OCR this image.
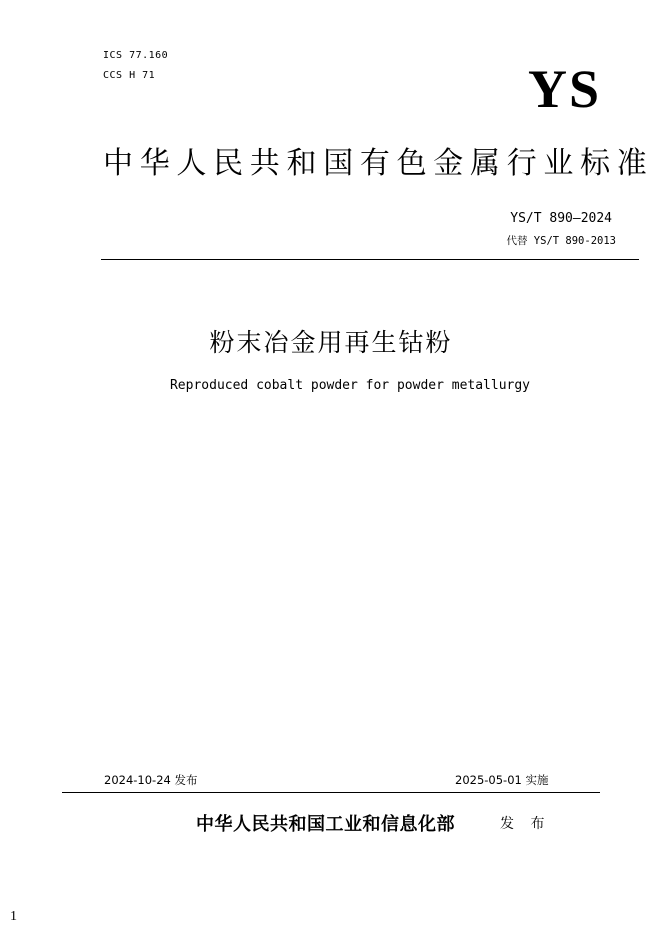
ICS 77.160
CCS H 71	YS
中华人民共和国有色金属行业标准
YS/T 890—2024
代替 YS/T 890-2013
粉末冶金用再生钴粉
Reproduced cobalt powder for powder metallurgy
2024-10-24 发布	2025-05-01 实施
中华人民共和国工业和信息化部	发 布
1
